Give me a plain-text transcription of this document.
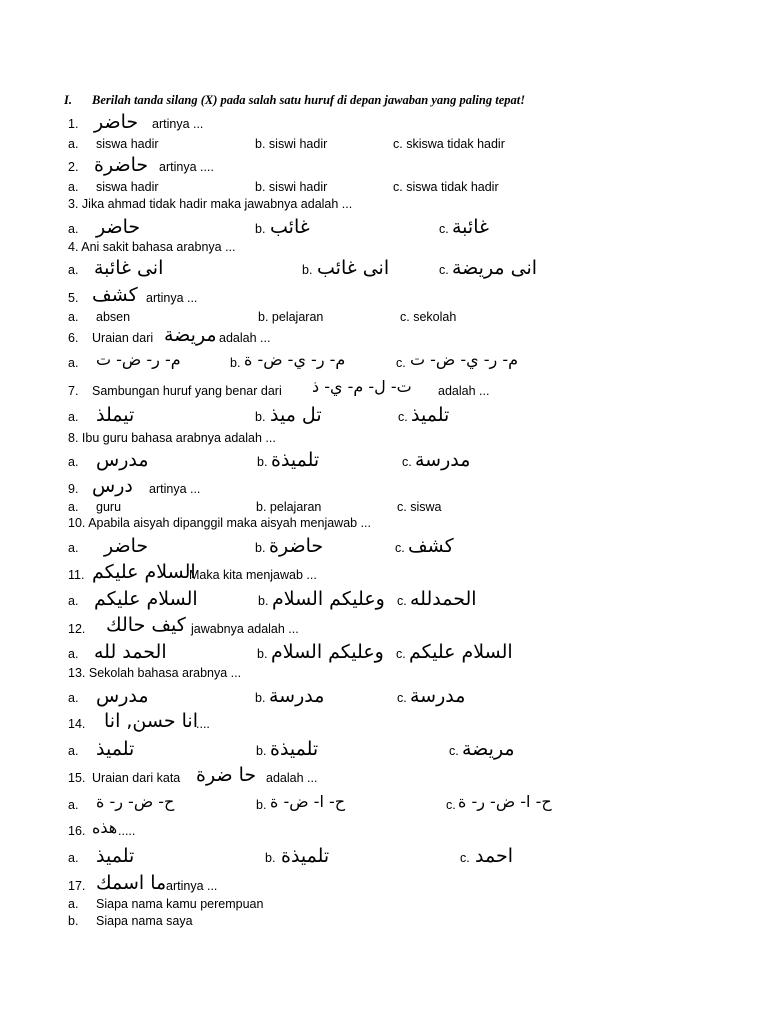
I. Berilah tanda silang (X) pada salah satu huruf di depan jawaban yang paling tepat!
1. حاضر artinya ...
a. siswa hadir	b. siswi hadir	c. skiswa tidak hadir
2. حاضرة artinya ....
a. siswa hadir	b. siswi hadir	c. siswa tidak hadir
3. Jika ahmad tidak hadir maka jawabnya adalah ...
a. حاضر	b. غائب	c. غائبة
4. Ani sakit bahasa arabnya ...
a. انى غائبة	b. انى غائب	c. انى مريضة
5. كشف artinya ...
a. absen	b. pelajaran	c. sekolah
6. Uraian dari مريضة adalah ...
a. م- ر- ض- ت	b. م- ر- ي- ض- ة	c. م- ر- ي- ض- ت
7. Sambungan huruf yang benar dari ت- ل- م- ي- ذ adalah ...
a. تيملذ	b. تل ميذ	c. تلميذ
8. Ibu guru bahasa arabnya adalah ...
a. مدرس	b. تلميذة	c. مدرسة
9. درس artinya ...
a. guru	b. pelajaran	c. siswa
10. Apabila aisyah dipanggil maka aisyah menjawab ...
a. حاضر	b. حاضرة	c. كشف
11. السلام عليكم
Maka kita menjawab ...
a. السلام عليكم	b. وعليكم السلام c. الحمدلله
12. كيف حالك jawabnya adalah ...
a. الحمد لله	b. وعليكم السلام c. السلام عليكم
13. Sekolah bahasa arabnya ...
a. مدرس	b. مدرسة	c. مدرسة
14. انا حسن, انا
....
a. تلميذ	b. تلميذة	c. مريضة
15. Uraian dari kata حا ضرة adalah ...
a. ح- ض- ر- ة	b. ح- ا- ض- ة	c. ح- ا- ض- ر- ة
16. هذه .....
a. تلميذ	b. تلميذة	c. احمد
17. ما اسمك artinya ...
a. Siapa nama kamu perempuan
b. Siapa nama saya
